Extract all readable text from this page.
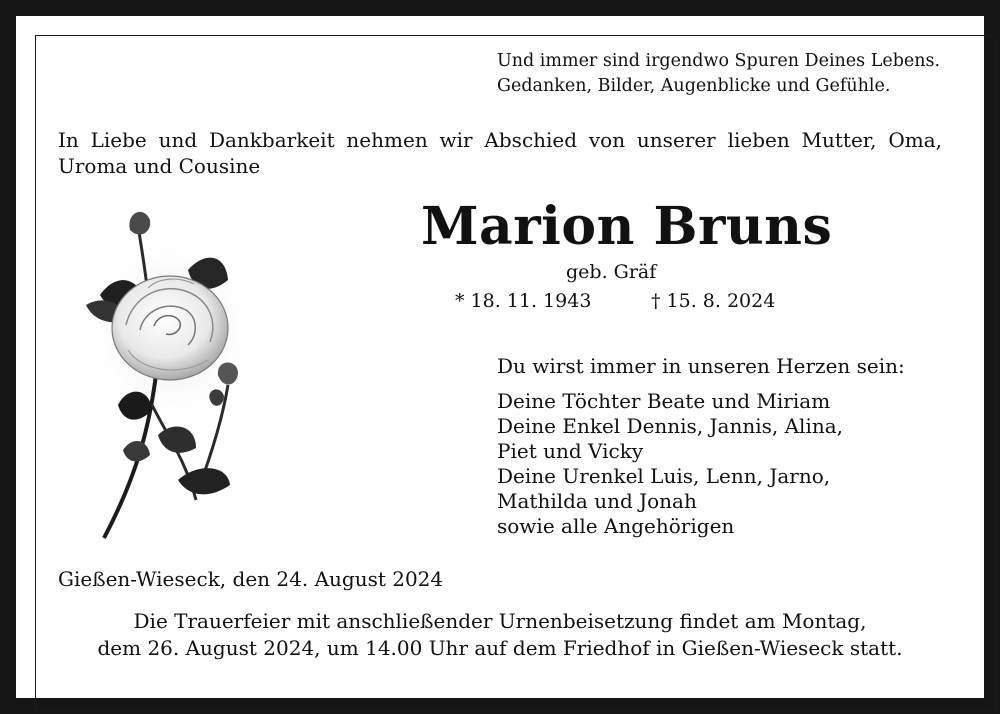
Und immer sind irgendwo Spuren Deines Lebens.
Gedanken, Bilder, Augenblicke und Gefühle.
In Liebe und Dankbarkeit nehmen wir Abschied von unserer lieben Mutter, Oma, Uroma und Cousine
Marion Bruns
geb. Gräf
* 18. 11. 1943	† 15. 8. 2024
Du wirst immer in unseren Herzen sein:
Deine Töchter Beate und Miriam
Deine Enkel Dennis, Jannis, Alina,
Piet und Vicky
Deine Urenkel Luis, Lenn, Jarno,
Mathilda und Jonah
sowie alle Angehörigen
Gießen-Wieseck, den 24. August 2024
Die Trauerfeier mit anschließender Urnenbeisetzung findet am Montag,
dem 26. August 2024, um 14.00 Uhr auf dem Friedhof in Gießen-Wieseck statt.
